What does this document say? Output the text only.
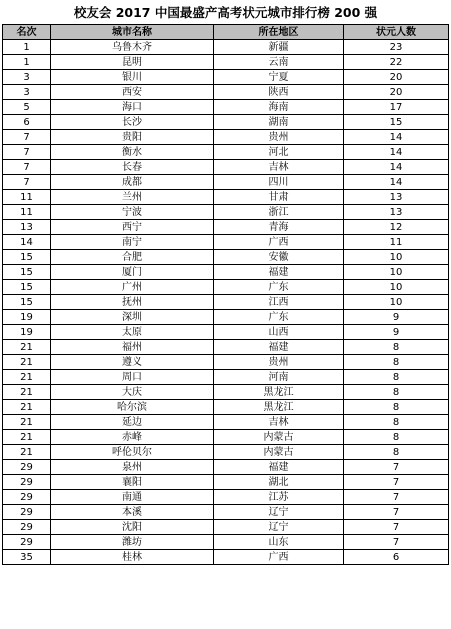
校友会 2017 中国最盛产高考状元城市排行榜 200 强
名次	城市名称	所在地区	状元人数
1	乌鲁木齐	新疆	23
1	昆明	云南	22
3	银川	宁夏	20
3	西安	陕西	20
5	海口	海南	17
6	长沙	湖南	15
7	贵阳	贵州	14
7	衡水	河北	14
7	长春	吉林	14
7	成都	四川	14
11	兰州	甘肃	13
11	宁波	浙江	13
13	西宁	青海	12
14	南宁	广西	11
15	合肥	安徽	10
15	厦门	福建	10
15	广州	广东	10
15	抚州	江西	10
19	深圳	广东	9
19	太原	山西	9
21	福州	福建	8
21	遵义	贵州	8
21	周口	河南	8
21	大庆	黑龙江	8
21	哈尔滨	黑龙江	8
21	延边	吉林	8
21	赤峰	内蒙古	8
21	呼伦贝尔	内蒙古	8
29	泉州	福建	7
29	襄阳	湖北	7
29	南通	江苏	7
29	本溪	辽宁	7
29	沈阳	辽宁	7
29	潍坊	山东	7
35	桂林	广西	6
